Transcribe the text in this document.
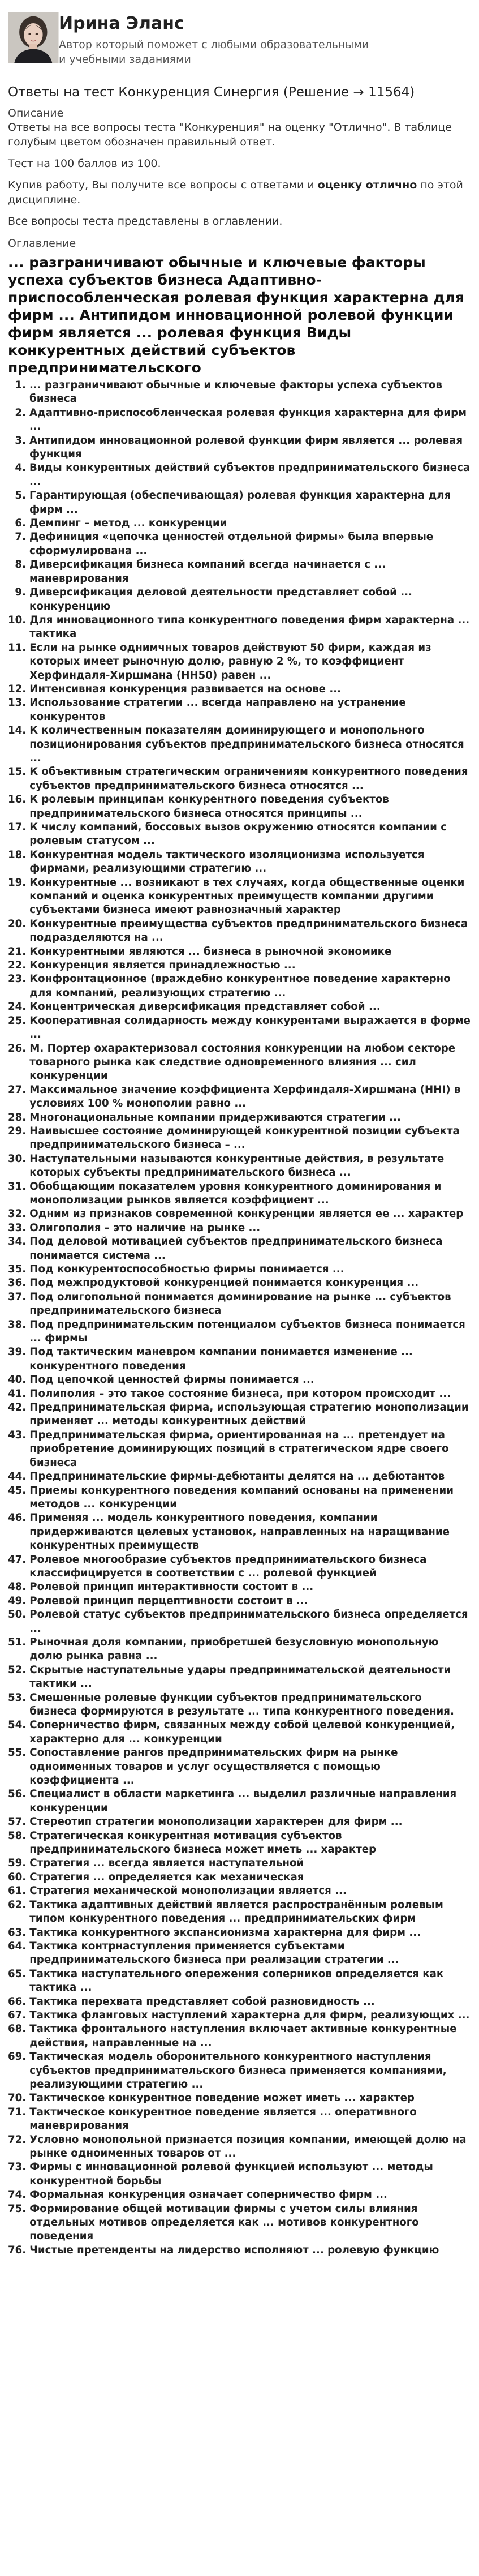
Ирина Эланс
Автор который поможет с любыми образовательными и учебными заданиями
Ответы на тест Конкуренция Синергия (Решение → 11564)
Описание
Ответы на все вопросы теста "Конкуренция" на оценку "Отлично". В таблице голубым цветом обозначен правильный ответ.
Тест на 100 баллов из 100.
Купив работу, Вы получите все вопросы с ответами и оценку отлично по этой дисциплине.
Все вопросы теста представлены в оглавлении.
Оглавление
... разграничивают обычные и ключевые факторы успеха субъектов бизнеса Адаптивно-приспособленческая ролевая функция характерна для фирм ... Антипидом инновационной ролевой функции фирм является ... ролевая функция Виды конкурентных действий субъектов предпринимательского
1. ... разграничивают обычные и ключевые факторы успеха субъектов бизнеса
2. Адаптивно-приспособленческая ролевая функция характерна для фирм ...
3. Антипидом инновационной ролевой функции фирм является ... ролевая функция
4. Виды конкурентных действий субъектов предпринимательского бизнеса ...
5. Гарантирующая (обеспечивающая) ролевая функция характерна для фирм ...
6. Демпинг – метод ... конкуренции
7. Дефиниция «цепочка ценностей отдельной фирмы» была впервые сформулирована ...
8. Диверсификация бизнеса компаний всегда начинается с ... маневрирования
9. Диверсификация деловой деятельности представляет собой ... конкуренцию
10. Для инновационного типа конкурентного поведения фирм характерна ... тактика
11. Если на рынке однимчных товаров действуют 50 фирм, каждая из которых имеет рыночную долю, равную 2 %, то коэффициент Херфиндаля-Хиршмана (HH50) равен ...
12. Интенсивная конкуренция развивается на основе ...
13. Использование стратегии ... всегда направлено на устранение конкурентов
14. К количественным показателям доминирующего и монопольного позиционирования субъектов предпринимательского бизнеса относятся ...
15. К объективным стратегическим ограничениям конкурентного поведения субъектов предпринимательского бизнеса относятся ...
16. К ролевым принципам конкурентного поведения субъектов предпринимательского бизнеса относятся принципы ...
17. К числу компаний, боссовых вызов окружению относятся компании с ролевым статусом ...
18. Конкурентная модель тактического изоляционизма используется фирмами, реализующими стратегию ...
19. Конкурентные ... возникают в тех случаях, когда общественные оценки компаний и оценка конкурентных преимуществ компании другими субъектами бизнеса имеют равнозначный характер
20. Конкурентные преимущества субъектов предпринимательского бизнеса подразделяются на ...
21. Конкурентными являются ... бизнеса в рыночной экономике
22. Конкуренция является принадлежностью ...
23. Конфронтационное (враждебно конкурентное поведение характерно для компаний, реализующих стратегию ...
24. Концентрическая диверсификация представляет собой ...
25. Кооперативная солидарность между конкурентами выражается в форме ...
26. М. Портер охарактеризовал состояния конкуренции на любом секторе товарного рынка как следствие одновременного влияния ... сил конкуренции
27. Максимальное значение коэффициента Херфиндаля-Хиршмана (HHI) в условиях 100 % монополии равно ...
28. Многонациональные компании придерживаются стратегии ...
29. Наивысшее состояние доминирующей конкурентной позиции субъекта предпринимательского бизнеса – ...
30. Наступательными называются конкурентные действия, в результате которых субъекты предпринимательского бизнеса ...
31. Обобщающим показателем уровня конкурентного доминирования и монополизации рынков является коэффициент ...
32. Одним из признаков современной конкуренции является ее ... характер
33. Олигополия – это наличие на рынке ...
34. Под деловой мотивацией субъектов предпринимательского бизнеса понимается система ...
35. Под конкурентоспособностью фирмы понимается ...
36. Под межпродуктовой конкуренцией понимается конкуренция ...
37. Под олигопольной понимается доминирование на рынке ... субъектов предпринимательского бизнеса
38. Под предпринимательским потенциалом субъектов бизнеса понимается ... фирмы
39. Под тактическим маневром компании понимается изменение ... конкурентного поведения
40. Под цепочкой ценностей фирмы понимается ...
41. Полиполия – это такое состояние бизнеса, при котором происходит ...
42. Предпринимательская фирма, использующая стратегию монополизации применяет ... методы конкурентных действий
43. Предпринимательская фирма, ориентированная на ... претендует на приобретение доминирующих позиций в стратегическом ядре своего бизнеса
44. Предпринимательские фирмы-дебютанты делятся на ... дебютантов
45. Приемы конкурентного поведения компаний основаны на применении методов ... конкуренции
46. Применяя ... модель конкурентного поведения, компании придерживаются целевых установок, направленных на наращивание конкурентных преимуществ
47. Ролевое многообразие субъектов предпринимательского бизнеса классифицируется в соответствии с ... ролевой функцией
48. Ролевой принцип интерактивности состоит в ...
49. Ролевой принцип перцептивности состоит в ...
50. Ролевой статус субъектов предпринимательского бизнеса определяется ...
51. Рыночная доля компании, приобретшей безусловную монопольную долю рынка равна ...
52. Скрытые наступательные удары предпринимательской деятельности тактики ...
53. Смешенные ролевые функции субъектов предпринимательского бизнеса формируются в результате ... типа конкурентного поведения.
54. Соперничество фирм, связанных между собой целевой конкуренцией, характерно для ... конкуренции
55. Сопоставление рангов предпринимательских фирм на рынке одноименных товаров и услуг осуществляется с помощью коэффициента ...
56. Специалист в области маркетинга ... выделил различные направления конкуренции
57. Стереотип стратегии монополизации характерен для фирм ...
58. Стратегическая конкурентная мотивация субъектов предпринимательского бизнеса может иметь ... характер
59. Стратегия ... всегда является наступательной
60. Стратегия ... определяется как механическая
61. Стратегия механической монополизации является ...
62. Тактика адаптивных действий является распространённым ролевым типом конкурентного поведения ... предпринимательских фирм
63. Тактика конкурентного экспансионизма характерна для фирм ...
64. Тактика контрнаступления применяется субъектами предпринимательского бизнеса при реализации стратегии ...
65. Тактика наступательного опережения соперников определяется как тактика ...
66. Тактика перехвата представляет собой разновидность ...
67. Тактика фланговых наступлений характерна для фирм, реализующих ...
68. Тактика фронтального наступления включает активные конкурентные действия, направленные на ...
69. Тактическая модель оборонительного конкурентного наступления субъектов предпринимательского бизнеса применяется компаниями, реализующими стратегию ...
70. Тактическое конкурентное поведение может иметь ... характер
71. Тактическое конкурентное поведение является ... оперативного маневрирования
72. Условно монопольной признается позиция компании, имеющей долю на рынке одноименных товаров от ...
73. Фирмы с инновационной ролевой функцией используют ... методы конкурентной борьбы
74. Формальная конкуренция означает соперничество фирм ...
75. Формирование общей мотивации фирмы с учетом силы влияния отдельных мотивов определяется как ... мотивов конкурентного поведения
76. Чистые претенденты на лидерство исполняют ... ролевую функцию
